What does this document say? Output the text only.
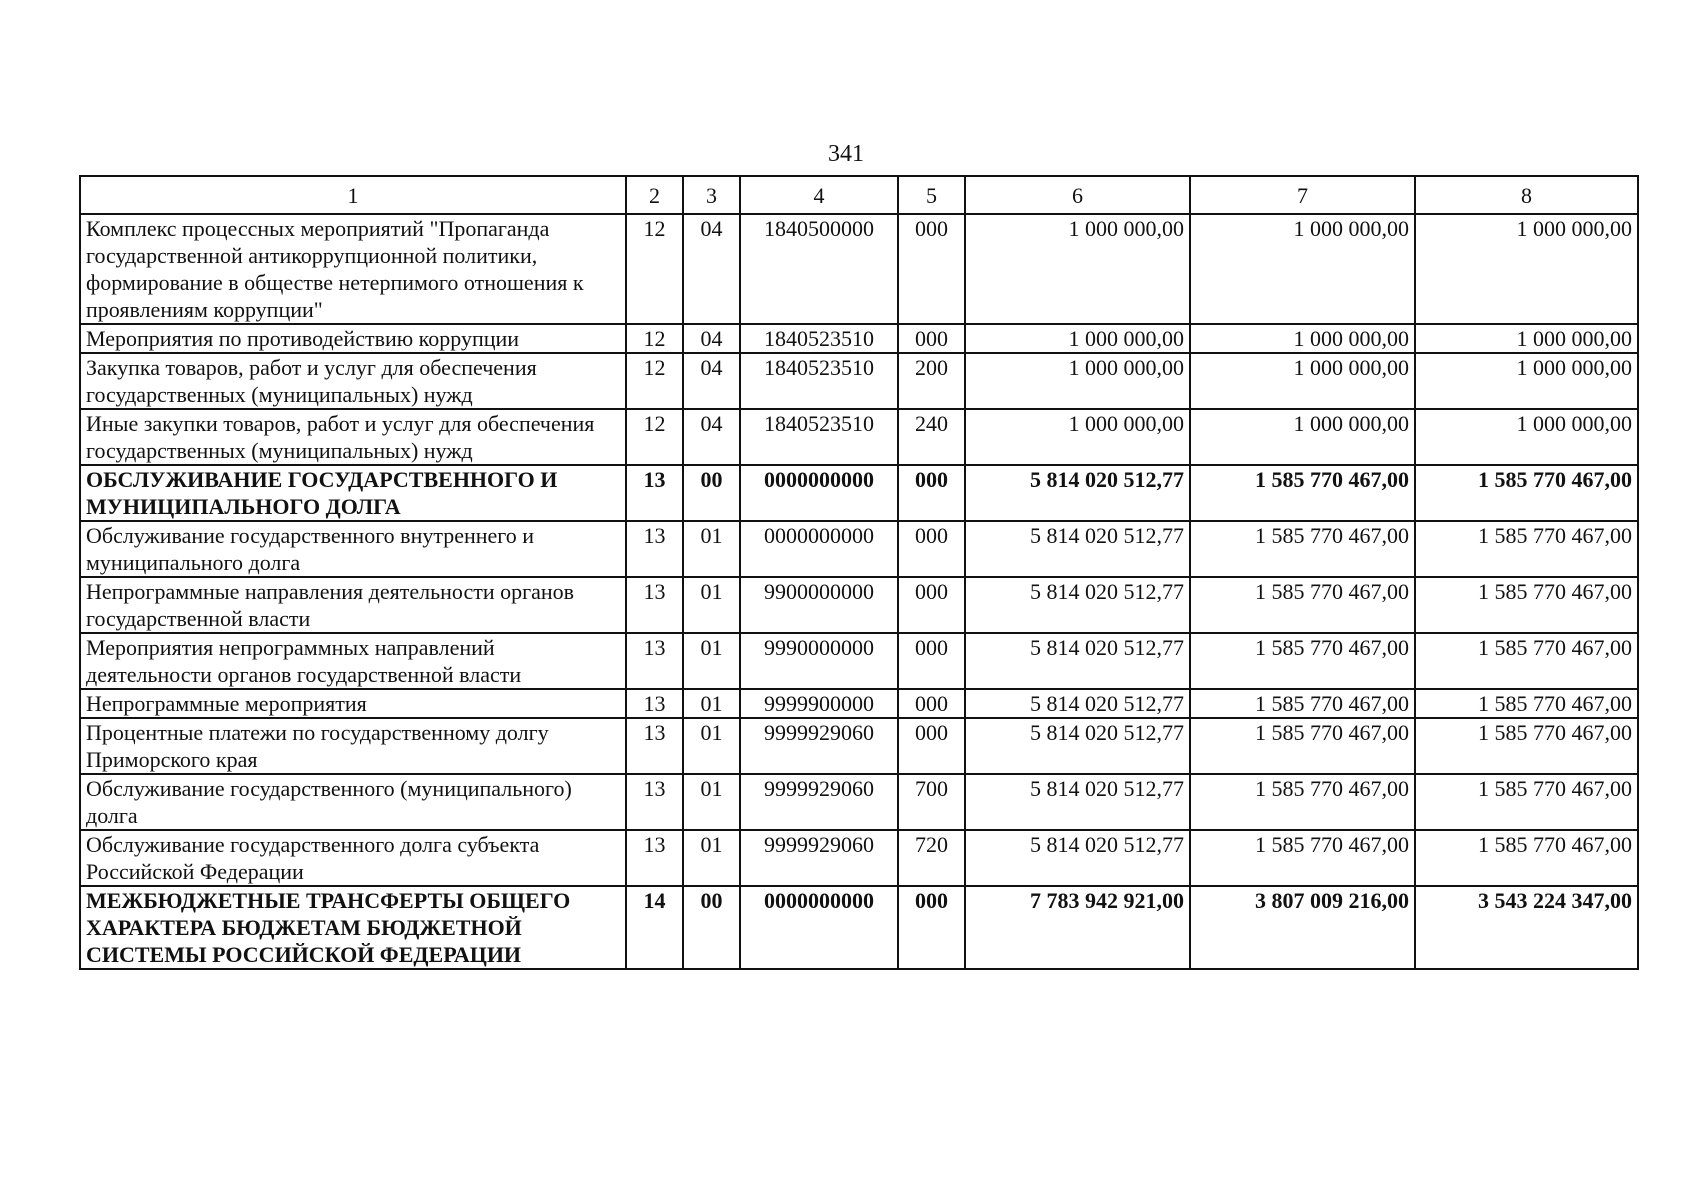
341
1	2	3	4	5	6	7	8
Комплекс процессных мероприятий "Пропаганда государственной антикоррупционной политики, формирование в обществе нетерпимого отношения к проявлениям коррупции"	12	04	1840500000	000	1 000 000,00	1 000 000,00	1 000 000,00
Мероприятия по противодействию коррупции	12	04	1840523510	000	1 000 000,00	1 000 000,00	1 000 000,00
Закупка товаров, работ и услуг для обеспечения государственных (муниципальных) нужд	12	04	1840523510	200	1 000 000,00	1 000 000,00	1 000 000,00
Иные закупки товаров, работ и услуг для обеспечения государственных (муниципальных) нужд	12	04	1840523510	240	1 000 000,00	1 000 000,00	1 000 000,00
ОБСЛУЖИВАНИЕ ГОСУДАРСТВЕННОГО И МУНИЦИПАЛЬНОГО ДОЛГА	13	00	0000000000	000	5 814 020 512,77	1 585 770 467,00	1 585 770 467,00
Обслуживание государственного внутреннего и муниципального долга	13	01	0000000000	000	5 814 020 512,77	1 585 770 467,00	1 585 770 467,00
Непрограммные направления деятельности органов государственной власти	13	01	9900000000	000	5 814 020 512,77	1 585 770 467,00	1 585 770 467,00
Мероприятия непрограммных направлений деятельности органов государственной власти	13	01	9990000000	000	5 814 020 512,77	1 585 770 467,00	1 585 770 467,00
Непрограммные мероприятия	13	01	9999900000	000	5 814 020 512,77	1 585 770 467,00	1 585 770 467,00
Процентные платежи по государственному долгу Приморского края	13	01	9999929060	000	5 814 020 512,77	1 585 770 467,00	1 585 770 467,00
Обслуживание государственного (муниципального) долга	13	01	9999929060	700	5 814 020 512,77	1 585 770 467,00	1 585 770 467,00
Обслуживание государственного долга субъекта Российской Федерации	13	01	9999929060	720	5 814 020 512,77	1 585 770 467,00	1 585 770 467,00
МЕЖБЮДЖЕТНЫЕ ТРАНСФЕРТЫ ОБЩЕГО ХАРАКТЕРА БЮДЖЕТАМ БЮДЖЕТНОЙ СИСТЕМЫ РОССИЙСКОЙ ФЕДЕРАЦИИ	14	00	0000000000	000	7 783 942 921,00	3 807 009 216,00	3 543 224 347,00
